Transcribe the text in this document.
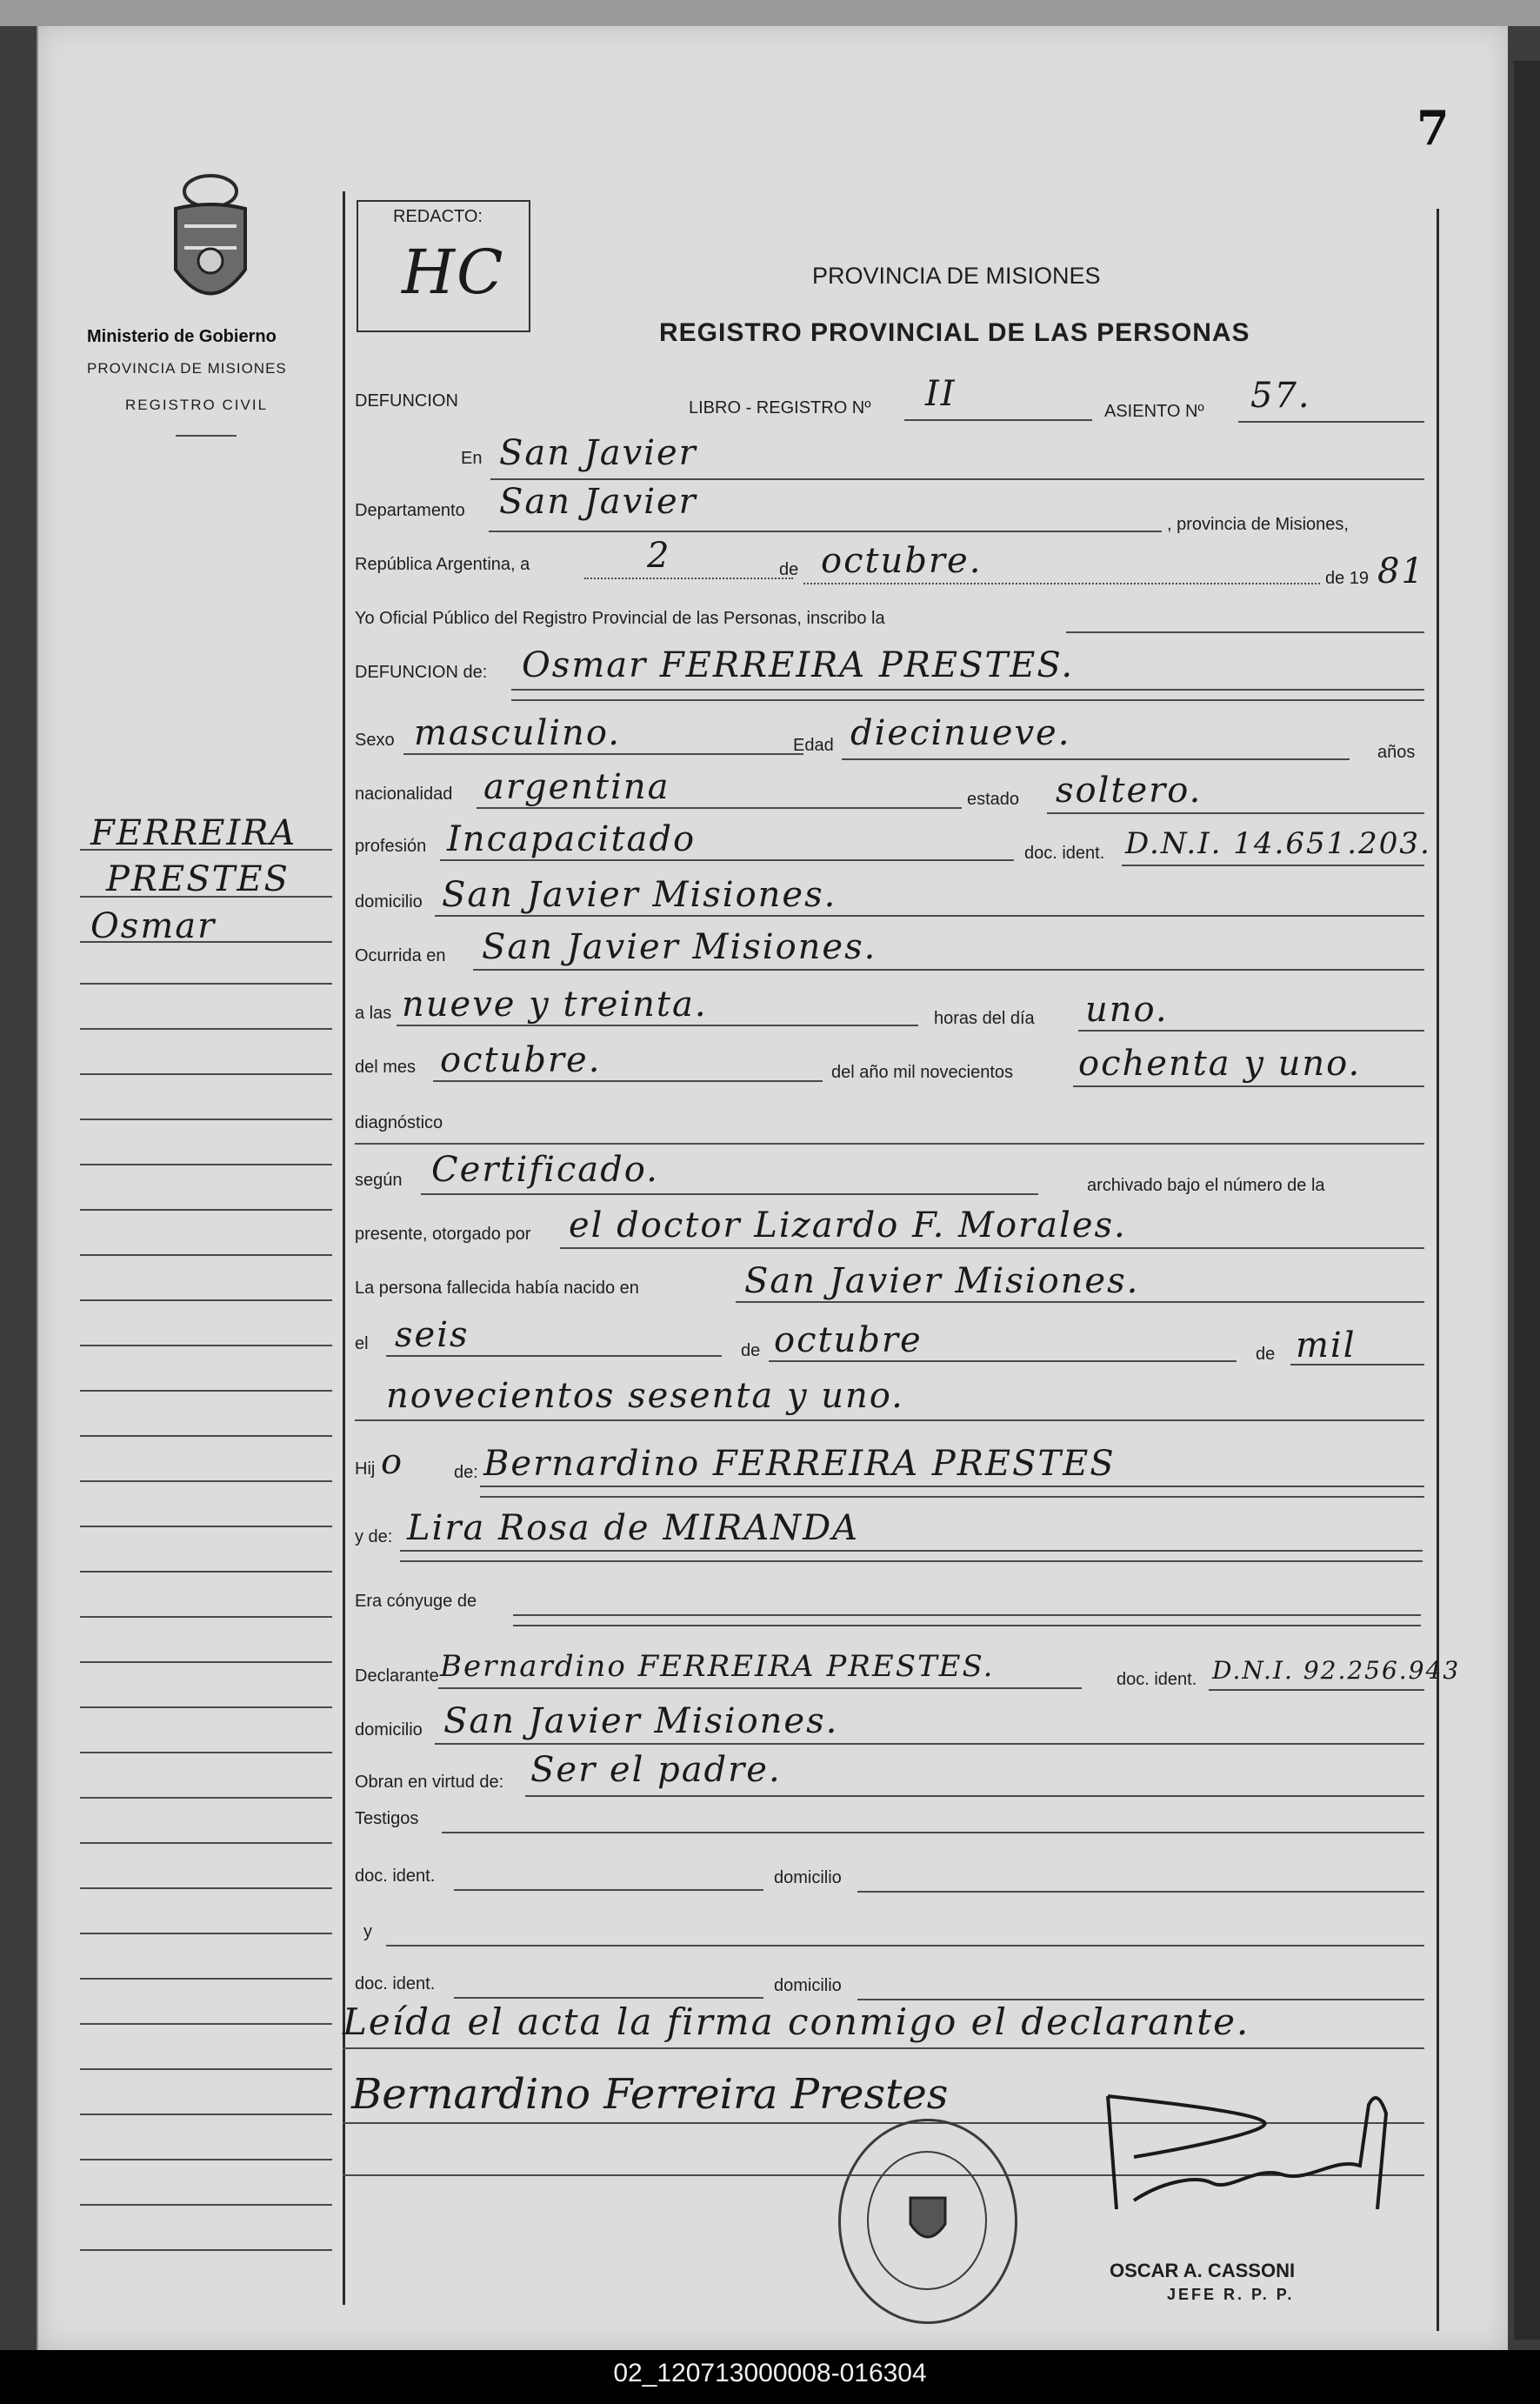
7
Ministerio de Gobierno
PROVINCIA DE MISIONES
REGISTRO CIVIL
REDACTO:
HC	PROVINCIA DE MISIONES
REGISTRO PROVINCIAL DE LAS PERSONAS
FERREIRA
PRESTES
Osmar
DEFUNCION	LIBRO - REGISTRO Nº II	ASIENTO Nº 57.
En San Javier
Departamento San Javier
, provincia de Misiones,
República Argentina, a	2	de octubre.	de 19 81
Yo Oficial Público del Registro Provincial de las Personas, inscribo la
DEFUNCION de: Osmar FERREIRA PRESTES.
Sexo masculino.	Edad diecinueve.	años
nacionalidad argentina	estado soltero.
profesión Incapacitado	doc. ident. D.N.I. 14.651.203.
domicilio San Javier Misiones.
Ocurrida en San Javier Misiones.
a las nueve y treinta.	horas del día uno.
del mes octubre.	del año mil novecientos ochenta y uno.
diagnóstico
según Certificado.	archivado bajo el número de la
presente, otorgado por el doctor Lizardo F. Morales.
La persona fallecida había nacido en	San Javier Misiones.
el seis	de octubre	de mil
novecientos sesenta y uno.
Hij o	de: Bernardino FERREIRA PRESTES
y de: Lira Rosa de MIRANDA
Era cónyuge de
Declarante Bernardino FERREIRA PRESTES.	doc. ident. D.N.I. 92.256.943
domicilio San Javier Misiones.
Obran en virtud de: Ser el padre.
Testigos
doc. ident.	domicilio
y
doc. ident.	domicilio
Leída el acta la firma conmigo el declarante.
Bernardino Ferreira Prestes
OSCAR A. CASSONI
JEFE R. P. P.
02_120713000008-016304
